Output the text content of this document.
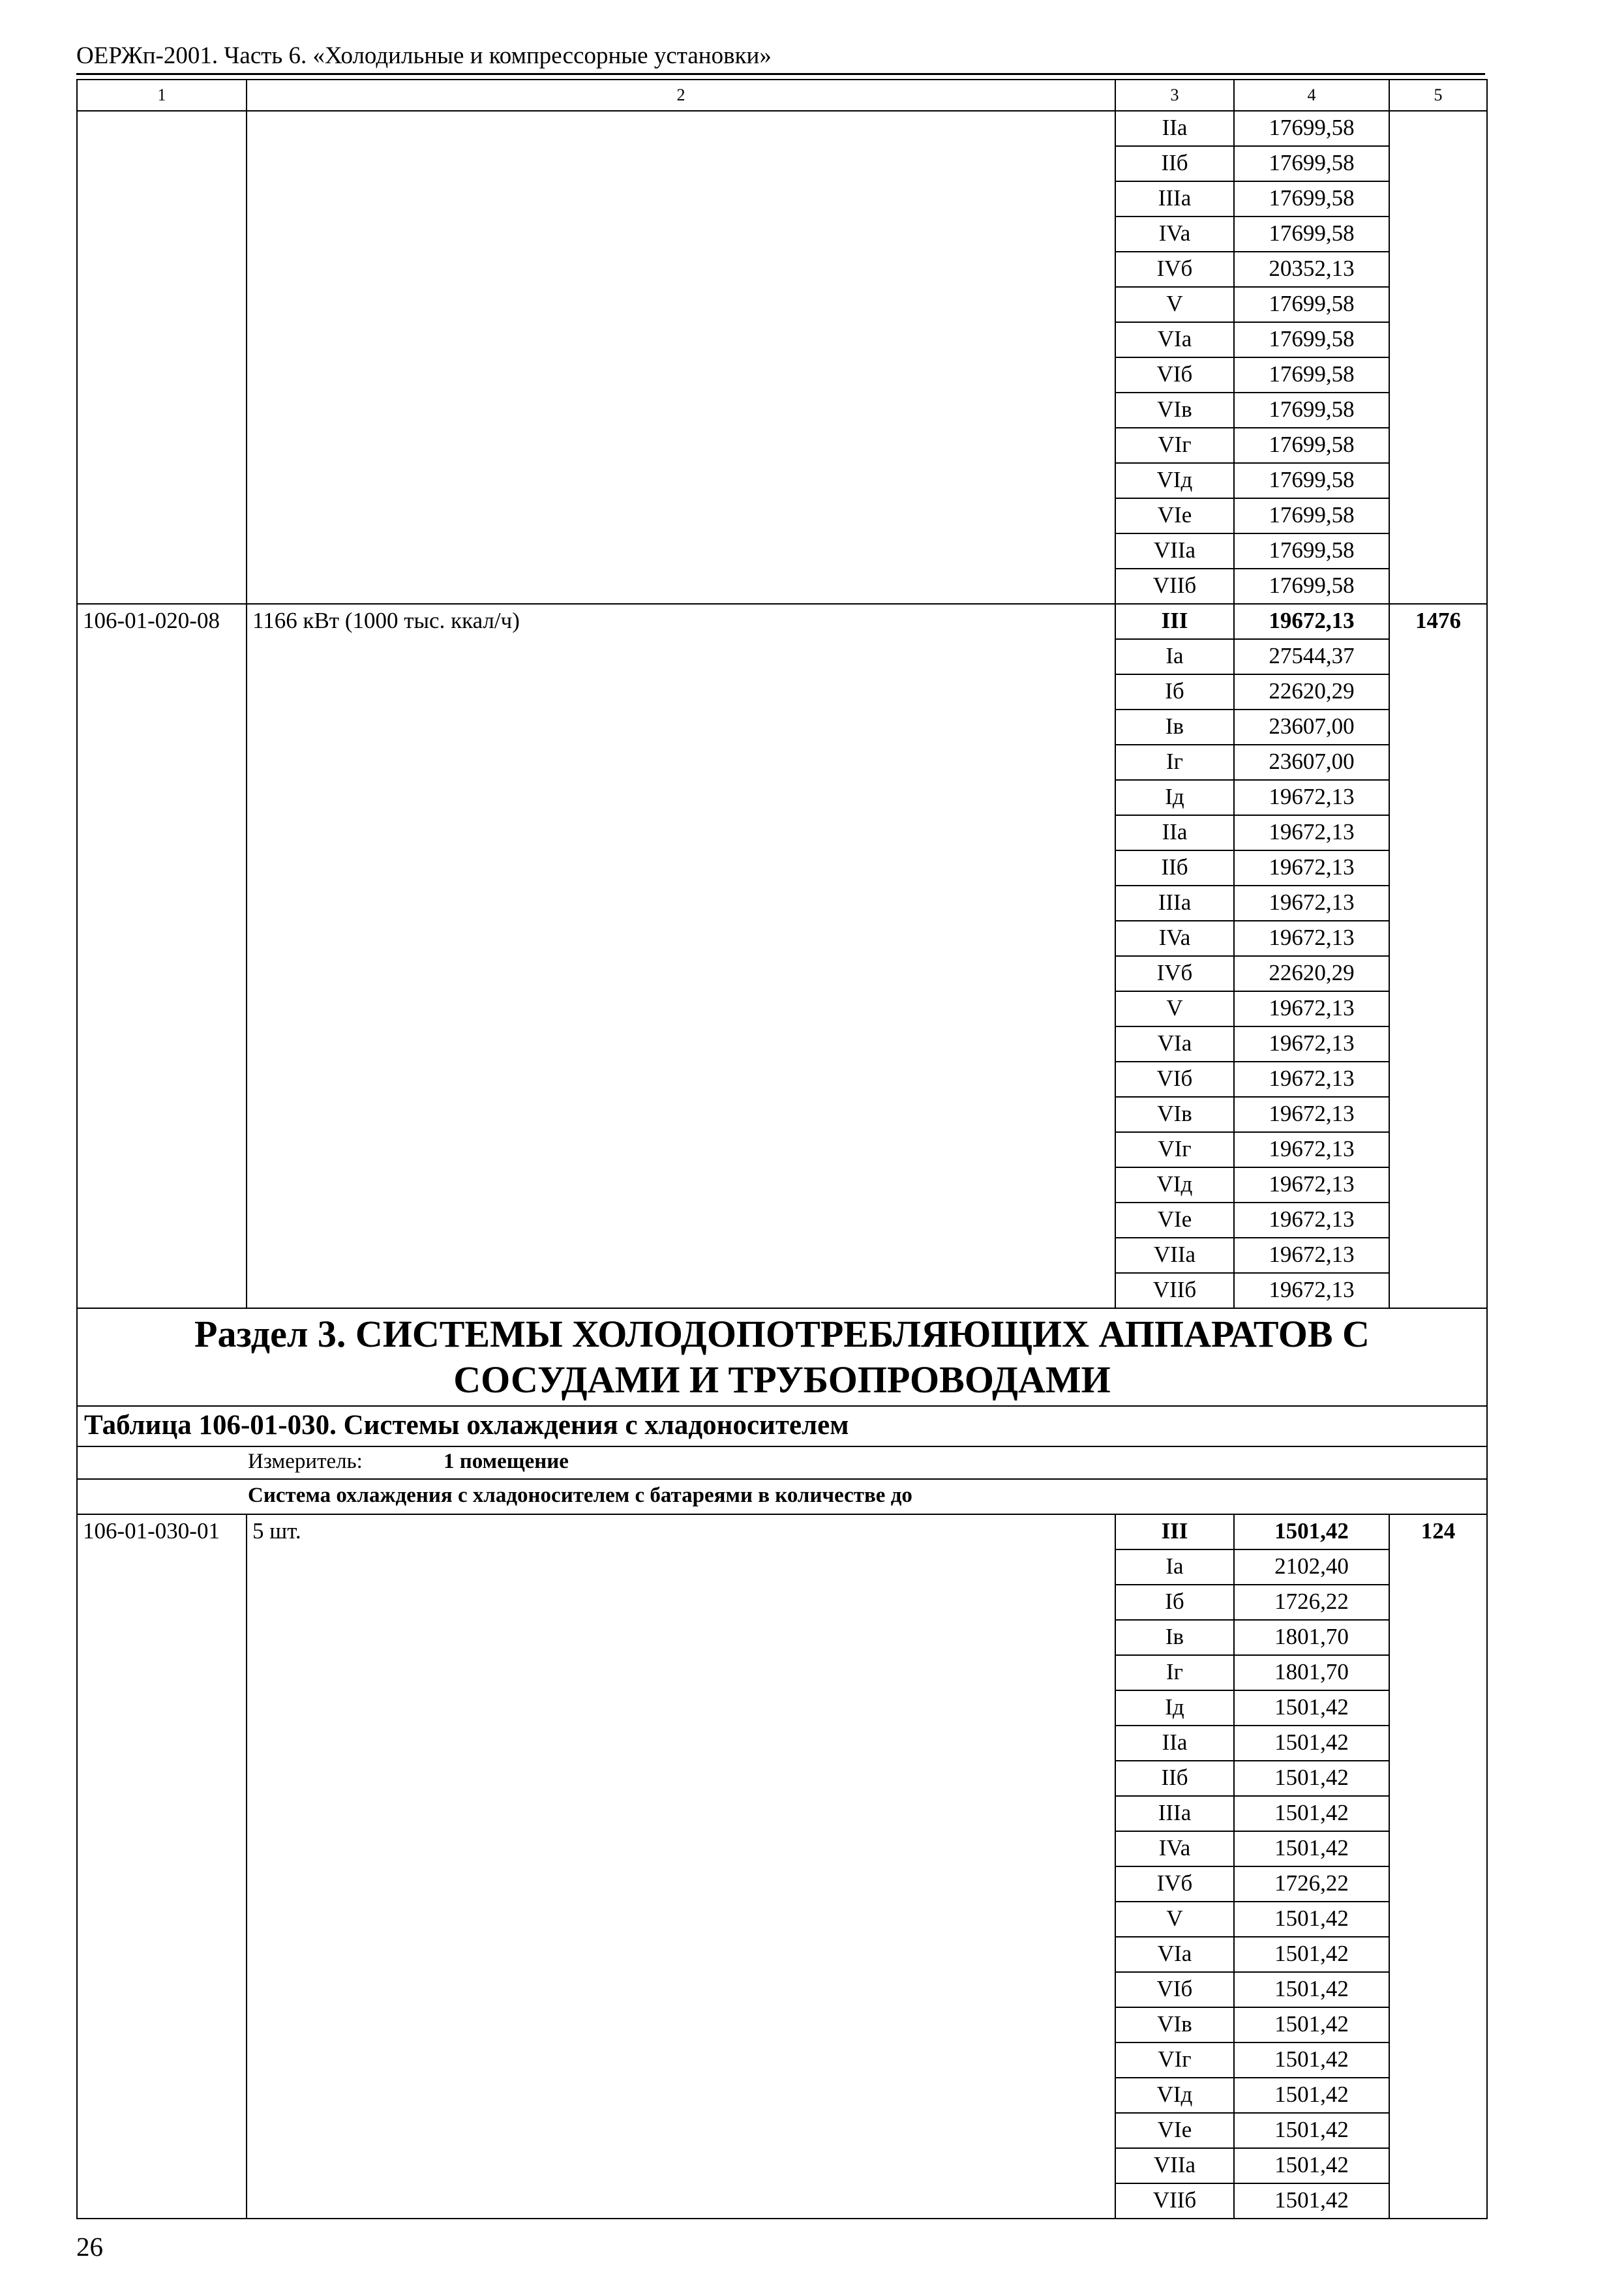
ОЕРЖп-2001. Часть 6. «Холодильные и компрессорные установки»
1	2	3	4	5
		IIa	17699,58	
		IIб	17699,58	
		IIIa	17699,58	
		IVa	17699,58	
		IVб	20352,13	
		V	17699,58	
		VIa	17699,58	
		VIб	17699,58	
		VIв	17699,58	
		VIг	17699,58	
		VIд	17699,58	
		VIe	17699,58	
		VIIa	17699,58	
		VIIб	17699,58	
106-01-020-08	1166 кВт (1000 тыс. ккал/ч)	III	19672,13	1476
		Ia	27544,37	
		Iб	22620,29	
		Iв	23607,00	
		Iг	23607,00	
		Iд	19672,13	
		IIa	19672,13	
		IIб	19672,13	
		IIIa	19672,13	
		IVa	19672,13	
		IVб	22620,29	
		V	19672,13	
		VIa	19672,13	
		VIб	19672,13	
		VIв	19672,13	
		VIг	19672,13	
		VIд	19672,13	
		VIe	19672,13	
		VIIa	19672,13	
		VIIб	19672,13	

Раздел 3. СИСТЕМЫ ХОЛОДОПОТРЕБЛЯЮЩИХ АППАРАТОВ С
СОСУДАМИ И ТРУБОПРОВОДАМИ				

Таблица 106-01-030. Системы охлаждения с хладоносителем				
Измеритель: 1 помещение				
Система охлаждения с хладоносителем с батареями в количестве до				
106-01-030-01	5 шт.	III	1501,42	124
		Ia	2102,40	
		Iб	1726,22	
		Iв	1801,70	
		Iг	1801,70	
		Iд	1501,42	
		IIa	1501,42	
		IIб	1501,42	
		IIIa	1501,42	
		IVa	1501,42	
		IVб	1726,22	
		V	1501,42	
		VIa	1501,42	
		VIб	1501,42	
		VIв	1501,42	
		VIг	1501,42	
		VIд	1501,42	
		VIe	1501,42	
		VIIa	1501,42	
		VIIб	1501,42	
26
